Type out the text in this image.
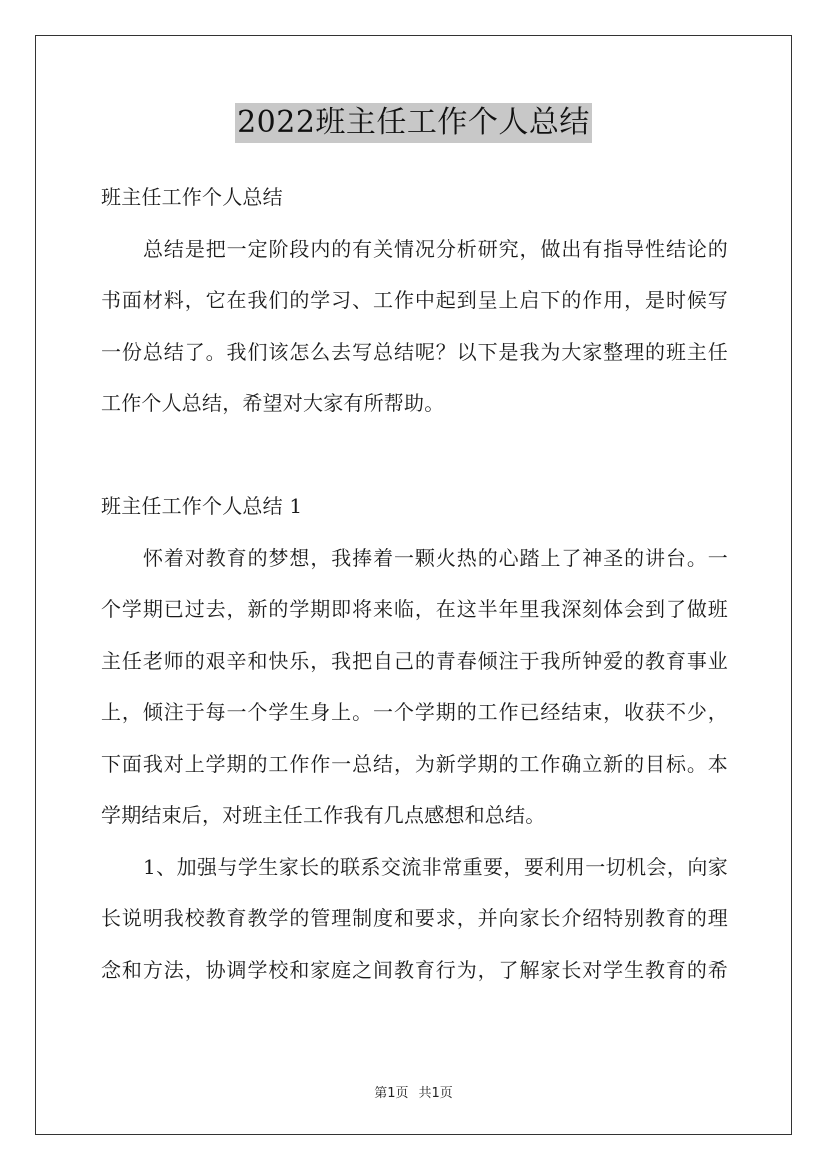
2022班主任工作个人总结
班主任工作个人总结
总结是把一定阶段内的有关情况分析研究，做出有指导性结论的
书面材料，它在我们的学习、工作中起到呈上启下的作用，是时候写
一份总结了。我们该怎么去写总结呢？以下是我为大家整理的班主任
工作个人总结，希望对大家有所帮助。
班主任工作个人总结 1
怀着对教育的梦想，我捧着一颗火热的心踏上了神圣的讲台。一
个学期已过去，新的学期即将来临，在这半年里我深刻体会到了做班
主任老师的艰辛和快乐，我把自己的青春倾注于我所钟爱的教育事业
上，倾注于每一个学生身上。一个学期的工作已经结束，收获不少，
下面我对上学期的工作作一总结，为新学期的工作确立新的目标。本
学期结束后，对班主任工作我有几点感想和总结。
1、加强与学生家长的联系交流非常重要，要利用一切机会，向家
长说明我校教育教学的管理制度和要求，并向家长介绍特别教育的理
念和方法，协调学校和家庭之间教育行为，了解家长对学生教育的希
第1页 共1页
